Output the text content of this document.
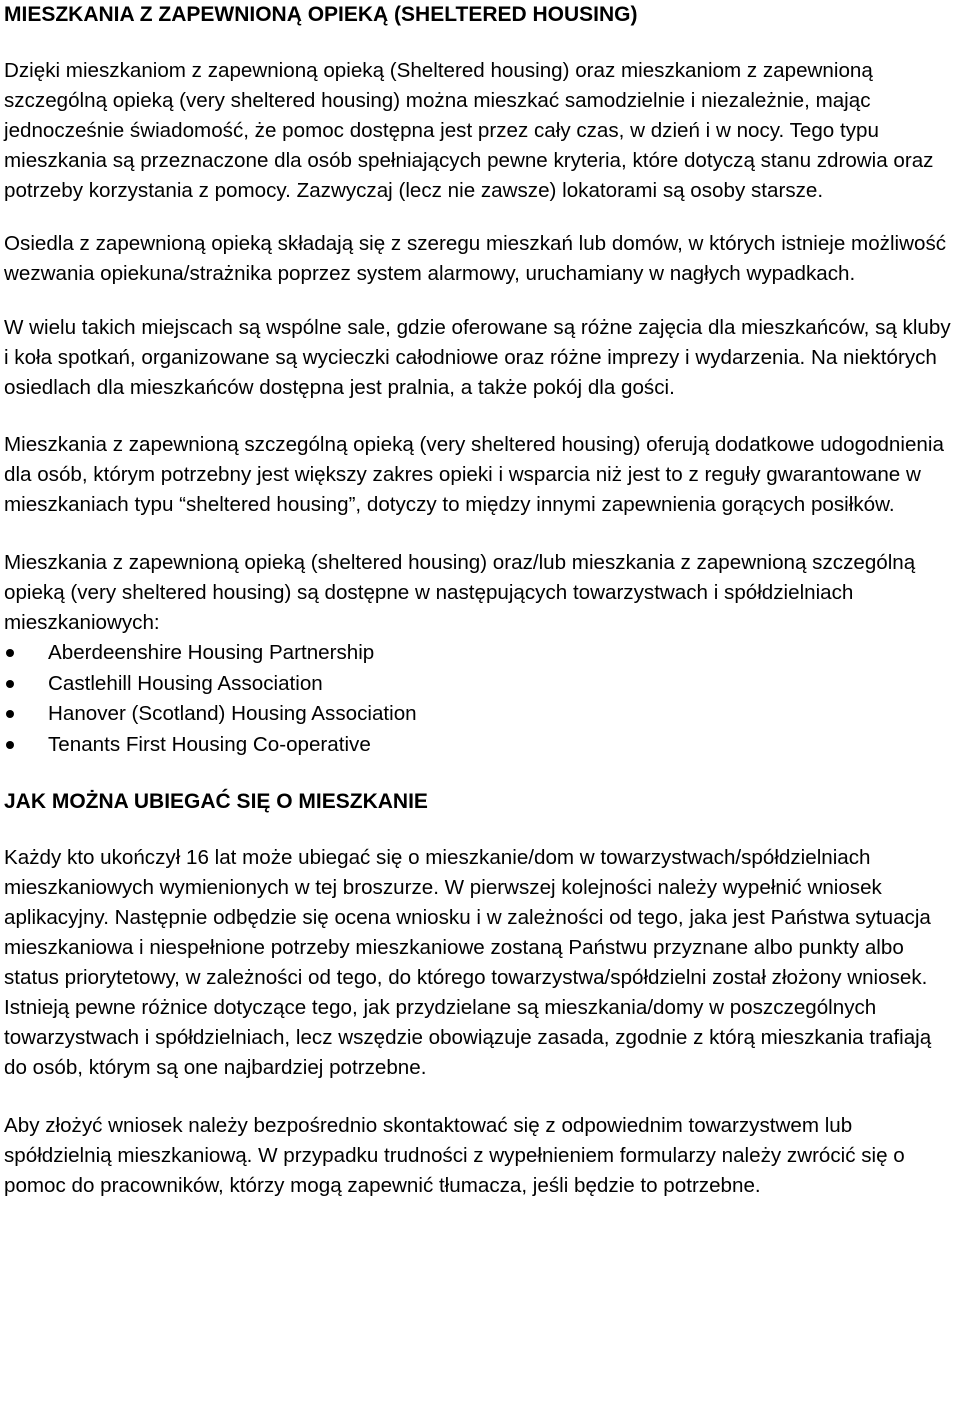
MIESZKANIA Z ZAPEWNIONĄ OPIEKĄ (SHELTERED HOUSING)

Dzięki mieszkaniom z zapewnioną opieką (Sheltered housing) oraz mieszkaniom z zapewnioną szczególną opieką (very sheltered housing) można mieszkać samodzielnie i niezależnie, mając jednocześnie świadomość, że pomoc dostępna jest przez cały czas, w dzień i w nocy. Tego typu mieszkania są przeznaczone dla osób spełniających pewne kryteria, które dotyczą stanu zdrowia oraz potrzeby korzystania z pomocy. Zazwyczaj (lecz nie zawsze) lokatorami są osoby starsze.

Osiedla z zapewnioną opieką składają się z szeregu mieszkań lub domów, w których istnieje możliwość wezwania opiekuna/strażnika poprzez system alarmowy, uruchamiany w nagłych wypadkach.

W wielu takich miejscach są wspólne sale, gdzie oferowane są różne zajęcia dla mieszkańców, są kluby i koła spotkań, organizowane są wycieczki całodniowe oraz różne imprezy i wydarzenia. Na niektórych osiedlach dla mieszkańców dostępna jest pralnia, a także pokój dla gości.

Mieszkania z zapewnioną szczególną opieką (very sheltered housing) oferują dodatkowe udogodnienia dla osób, którym potrzebny jest większy zakres opieki i wsparcia niż jest to z reguły gwarantowane w mieszkaniach typu “sheltered housing”, dotyczy to między innymi zapewnienia gorących posiłków.

Mieszkania z zapewnioną opieką (sheltered housing) oraz/lub mieszkania z zapewnioną szczególną opieką (very sheltered housing) są dostępne w następujących towarzystwach i spółdzielniach mieszkaniowych:

Aberdeenshire Housing Partnership
Castlehill Housing Association
Hanover (Scotland) Housing Association
Tenants First Housing Co-operative
JAK MOŻNA UBIEGAĆ SIĘ O MIESZKANIE

Każdy kto ukończył 16 lat może ubiegać się o mieszkanie/dom w towarzystwach/spółdzielniach mieszkaniowych wymienionych w tej broszurze. W pierwszej kolejności należy wypełnić wniosek aplikacyjny. Następnie odbędzie się ocena wniosku i w zależności od tego, jaka jest Państwa sytuacja mieszkaniowa i niespełnione potrzeby mieszkaniowe zostaną Państwu przyznane albo punkty albo status priorytetowy, w zależności od tego, do którego towarzystwa/spółdzielni został złożony wniosek. Istnieją pewne różnice dotyczące tego, jak przydzielane są mieszkania/domy w poszczególnych towarzystwach i spółdzielniach, lecz wszędzie obowiązuje zasada, zgodnie z którą mieszkania trafiają do osób, którym są one najbardziej potrzebne.

Aby złożyć wniosek należy bezpośrednio skontaktować się z odpowiednim towarzystwem lub spółdzielnią mieszkaniową. W przypadku trudności z wypełnieniem formularzy należy zwrócić się o pomoc do pracowników, którzy mogą zapewnić tłumacza, jeśli będzie to potrzebne.
